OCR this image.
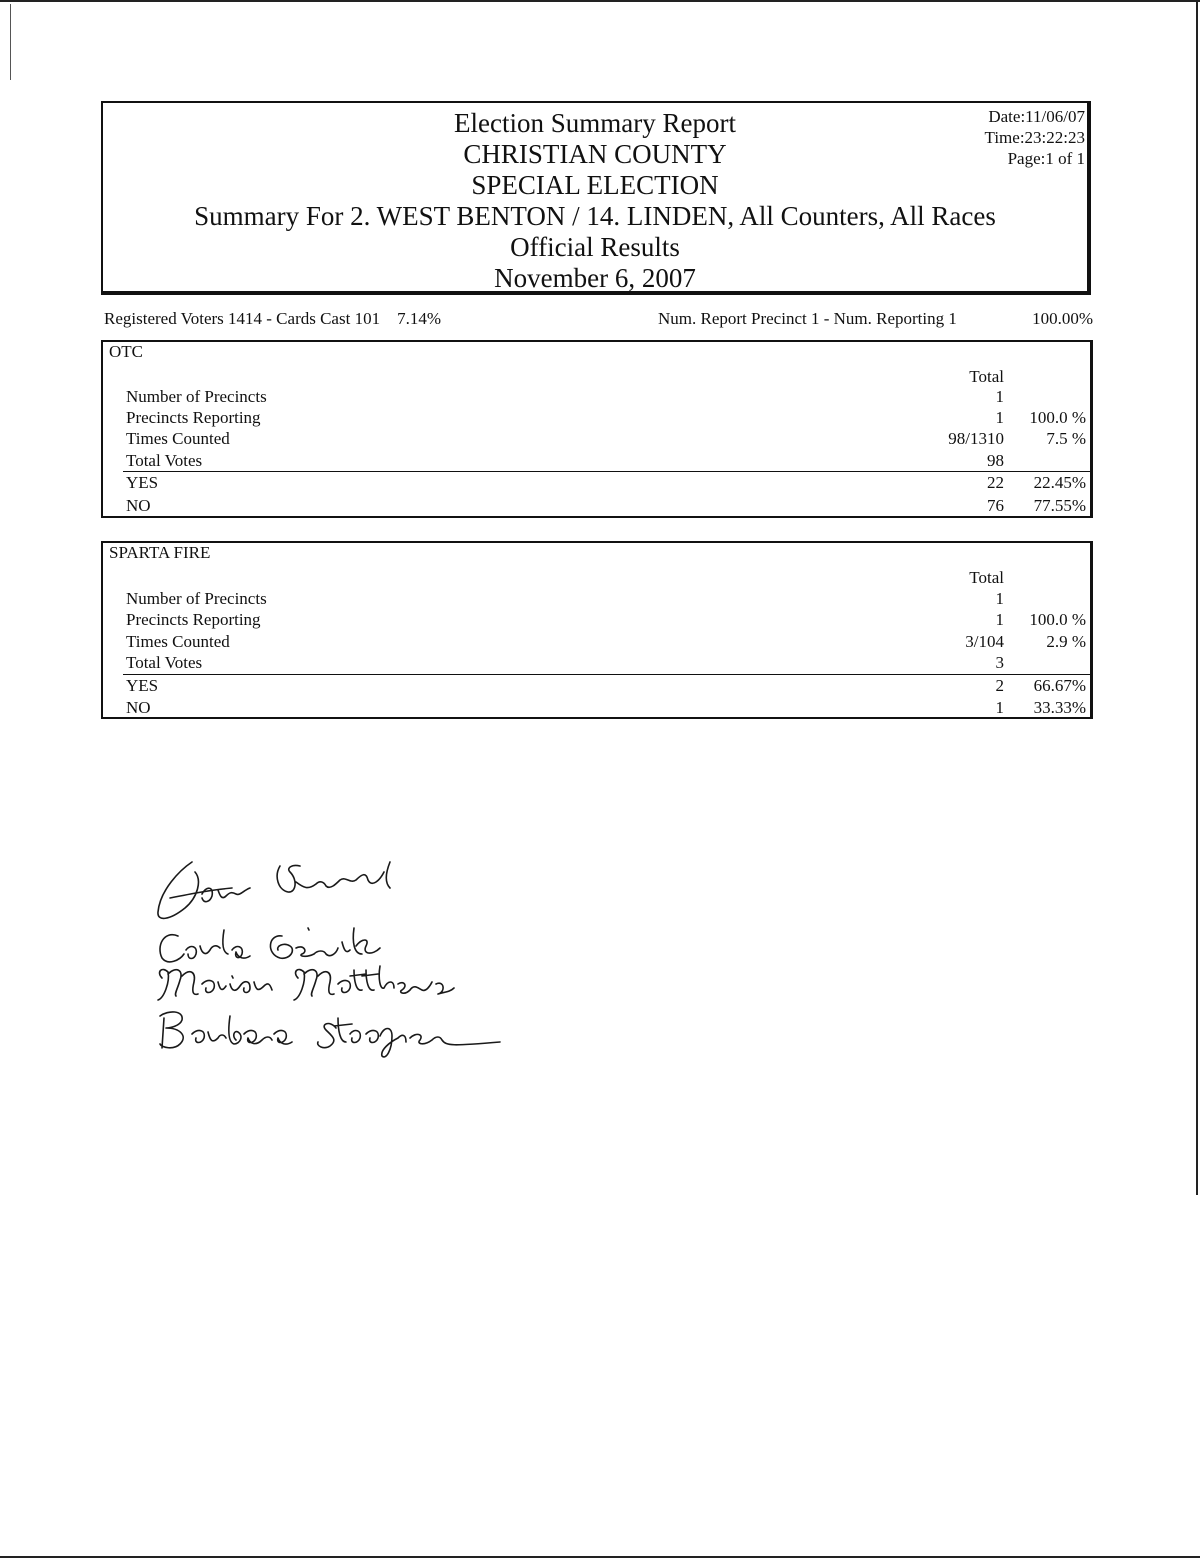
Election Summary Report
CHRISTIAN COUNTY
SPECIAL ELECTION
Summary For 2. WEST BENTON / 14. LINDEN, All Counters, All Races
Official Results
November 6, 2007
Date:11/06/07
Time:23:22:23
Page:1 of 1
Registered Voters 1414 - Cards Cast 101 7.14%	Num. Report Precinct 1 - Num. Reporting 1	100.00%
OTC
Total
Number of Precincts	1
Precincts Reporting	1 100.0 %
Times Counted	98/1310 7.5 %
Total Votes	98
YES	22 22.45%
NO	76 77.55%
SPARTA FIRE
Total
Number of Precincts	1
Precincts Reporting	1 100.0 %
Times Counted	3/104 2.9 %
Total Votes	3
YES	2 66.67%
NO	1 33.33%
